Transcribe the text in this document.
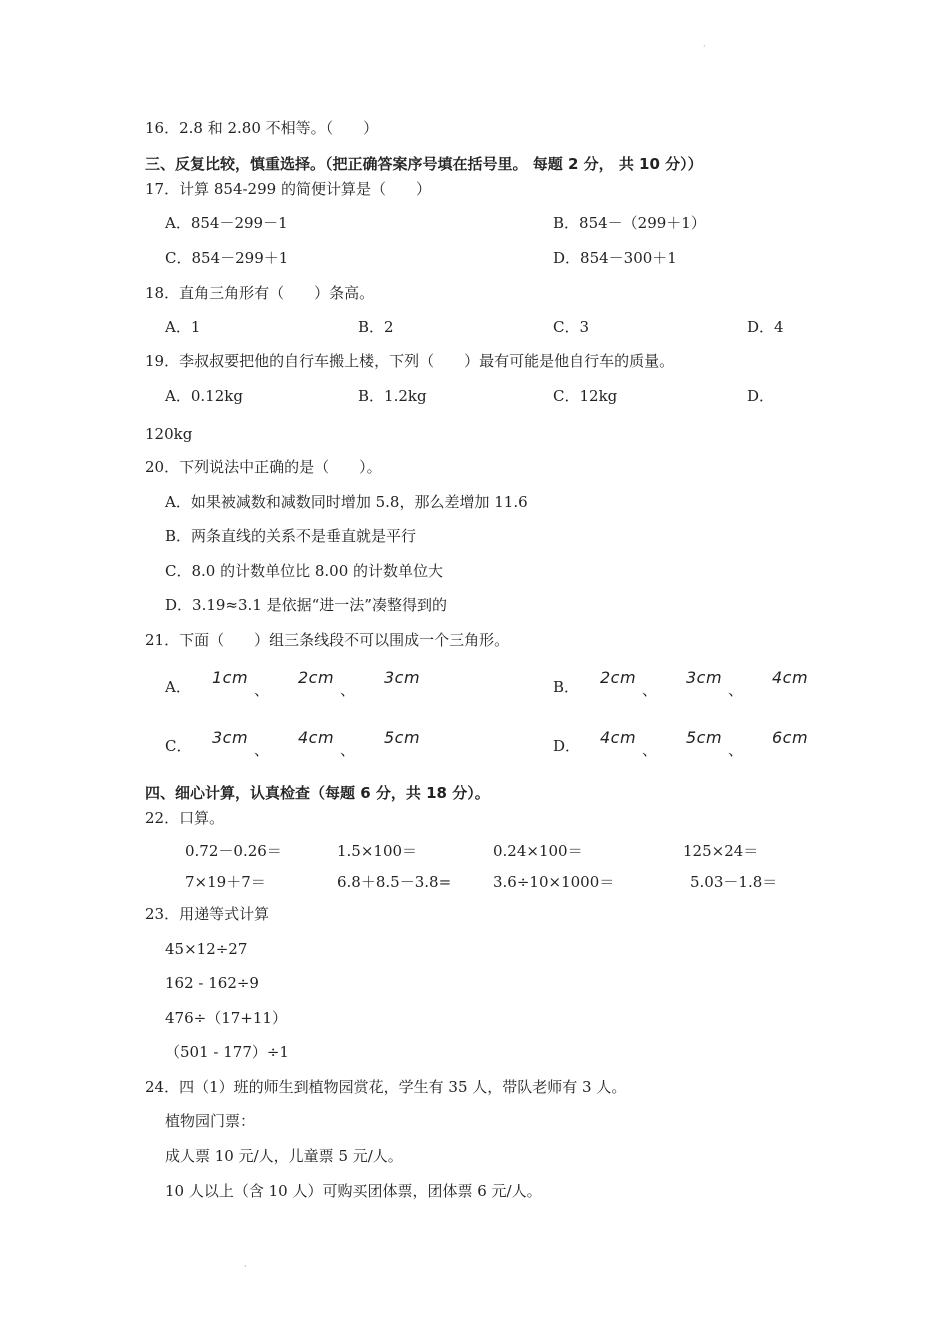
·
16．2.8 和 2.80 不相等。（　　）
三、反复比较，慎重选择。（把正确答案序号填在括号里。 每题 2 分， 共 10 分））
17．计算 854-299 的简便计算是（　　）
A．854－299－1	B．854－（299＋1）
C．854－299＋1	D．854－300＋1
18．直角三角形有（　　）条高。
A．1	B．2	C．3	D．4
19．李叔叔要把他的自行车搬上楼，下列（　　）最有可能是他自行车的质量。
A．0.12kg	B．1.2kg	C．12kg	D．
120kg
20．下列说法中正确的是（　　）。
A．如果被减数和减数同时增加 5.8，那么差增加 11.6
B．两条直线的关系不是垂直就是平行
C．8.0 的计数单位比 8.00 的计数单位大
D．3.19≈3.1 是依据“进一法”凑整得到的
21．下面（　　）组三条线段不可以围成一个三角形。
A． 1cm
、
2cm
、
3cm	B． 2cm
、
3cm
、
4cm
C． 3cm
、
4cm
、
5cm	D． 4cm
、
5cm
、
6cm
四、细心计算，认真检查（每题 6 分，共 18 分）。
22．口算。
0.72－0.26＝	1.5×100＝	0.24×100＝	125×24＝
7×19＋7＝	6.8＋8.5－3.8=	3.6÷10×1000＝	5.03－1.8＝
23．用递等式计算
45×12÷27
162 - 162÷9
476÷（17+11）
（501 - 177）÷1
24．四（1）班的师生到植物园赏花，学生有 35 人，带队老师有 3 人。
植物园门票：
成人票 10 元/人，儿童票 5 元/人。
10 人以上（含 10 人）可购买团体票，团体票 6 元/人。
·
